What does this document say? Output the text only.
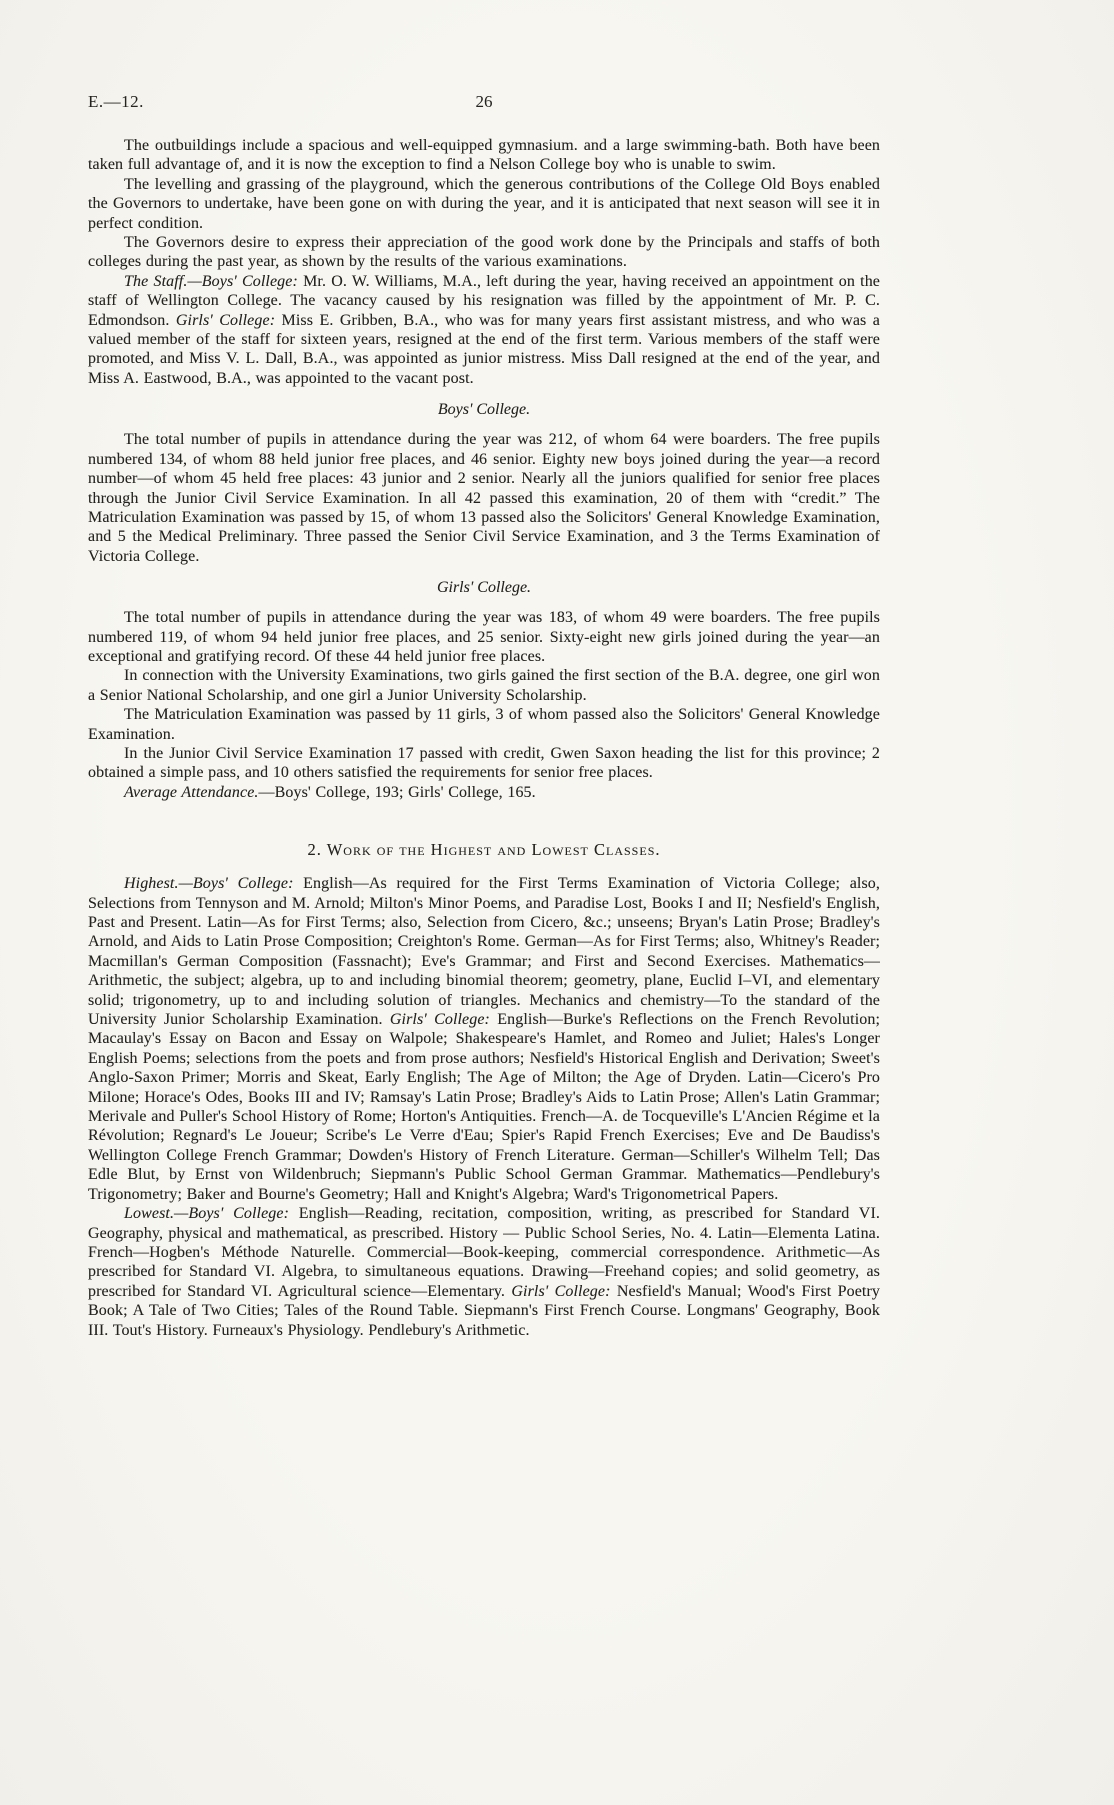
E.—12.	26

The outbuildings include a spacious and well-equipped gymnasium. and a large swimming-bath. Both have been taken full advantage of, and it is now the exception to find a Nelson College boy who is unable to swim.

The levelling and grassing of the playground, which the generous contributions of the College Old Boys enabled the Governors to undertake, have been gone on with during the year, and it is anticipated that next season will see it in perfect condition.

The Governors desire to express their appreciation of the good work done by the Principals and staffs of both colleges during the past year, as shown by the results of the various examinations.

The Staff.—Boys' College: Mr. O. W. Williams, M.A., left during the year, having received an appointment on the staff of Wellington College. The vacancy caused by his resignation was filled by the appointment of Mr. P. C. Edmondson. Girls' College: Miss E. Gribben, B.A., who was for many years first assistant mistress, and who was a valued member of the staff for sixteen years, resigned at the end of the first term. Various members of the staff were promoted, and Miss V. L. Dall, B.A., was appointed as junior mistress. Miss Dall resigned at the end of the year, and Miss A. Eastwood, B.A., was appointed to the vacant post.

Boys' College.

The total number of pupils in attendance during the year was 212, of whom 64 were boarders. The free pupils numbered 134, of whom 88 held junior free places, and 46 senior. Eighty new boys joined during the year—a record number—of whom 45 held free places: 43 junior and 2 senior. Nearly all the juniors qualified for senior free places through the Junior Civil Service Examination. In all 42 passed this examination, 20 of them with “credit.” The Matriculation Examination was passed by 15, of whom 13 passed also the Solicitors' General Knowledge Examination, and 5 the Medical Preliminary. Three passed the Senior Civil Service Examination, and 3 the Terms Examination of Victoria College.

Girls' College.

The total number of pupils in attendance during the year was 183, of whom 49 were boarders. The free pupils numbered 119, of whom 94 held junior free places, and 25 senior. Sixty-eight new girls joined during the year—an exceptional and gratifying record. Of these 44 held junior free places.

In connection with the University Examinations, two girls gained the first section of the B.A. degree, one girl won a Senior National Scholarship, and one girl a Junior University Scholarship.

The Matriculation Examination was passed by 11 girls, 3 of whom passed also the Solicitors' General Knowledge Examination.

In the Junior Civil Service Examination 17 passed with credit, Gwen Saxon heading the list for this province; 2 obtained a simple pass, and 10 others satisfied the requirements for senior free places.

Average Attendance.—Boys' College, 193; Girls' College, 165.

2. Work of the Highest and Lowest Classes.

Highest.—Boys' College: English—As required for the First Terms Examination of Victoria College; also, Selections from Tennyson and M. Arnold; Milton's Minor Poems, and Paradise Lost, Books I and II; Nesfield's English, Past and Present. Latin—As for First Terms; also, Selection from Cicero, &c.; unseens; Bryan's Latin Prose; Bradley's Arnold, and Aids to Latin Prose Composition; Creighton's Rome. German—As for First Terms; also, Whitney's Reader; Macmillan's German Composition (Fassnacht); Eve's Grammar; and First and Second Exercises. Mathematics—Arithmetic, the subject; algebra, up to and including binomial theorem; geometry, plane, Euclid I–VI, and elementary solid; trigonometry, up to and including solution of triangles. Mechanics and chemistry—To the standard of the University Junior Scholarship Examination. Girls' College: English—Burke's Reflections on the French Revolution; Macaulay's Essay on Bacon and Essay on Walpole; Shakespeare's Hamlet, and Romeo and Juliet; Hales's Longer English Poems; selections from the poets and from prose authors; Nesfield's Historical English and Derivation; Sweet's Anglo-Saxon Primer; Morris and Skeat, Early English; The Age of Milton; the Age of Dryden. Latin—Cicero's Pro Milone; Horace's Odes, Books III and IV; Ramsay's Latin Prose; Bradley's Aids to Latin Prose; Allen's Latin Grammar; Merivale and Puller's School History of Rome; Horton's Antiquities. French—A. de Tocqueville's L'Ancien Régime et la Révolution; Regnard's Le Joueur; Scribe's Le Verre d'Eau; Spier's Rapid French Exercises; Eve and De Baudiss's Wellington College French Grammar; Dowden's History of French Literature. German—Schiller's Wilhelm Tell; Das Edle Blut, by Ernst von Wildenbruch; Siepmann's Public School German Grammar. Mathematics—Pendlebury's Trigonometry; Baker and Bourne's Geometry; Hall and Knight's Algebra; Ward's Trigonometrical Papers.

Lowest.—Boys' College: English—Reading, recitation, composition, writing, as prescribed for Standard VI. Geography, physical and mathematical, as prescribed. History — Public School Series, No. 4. Latin—Elementa Latina. French—Hogben's Méthode Naturelle. Commercial—Book-keeping, commercial correspondence. Arithmetic—As prescribed for Standard VI. Algebra, to simultaneous equations. Drawing—Freehand copies; and solid geometry, as prescribed for Standard VI. Agricultural science—Elementary. Girls' College: Nesfield's Manual; Wood's First Poetry Book; A Tale of Two Cities; Tales of the Round Table. Siepmann's First French Course. Longmans' Geography, Book III. Tout's History. Furneaux's Physiology. Pendlebury's Arithmetic.
